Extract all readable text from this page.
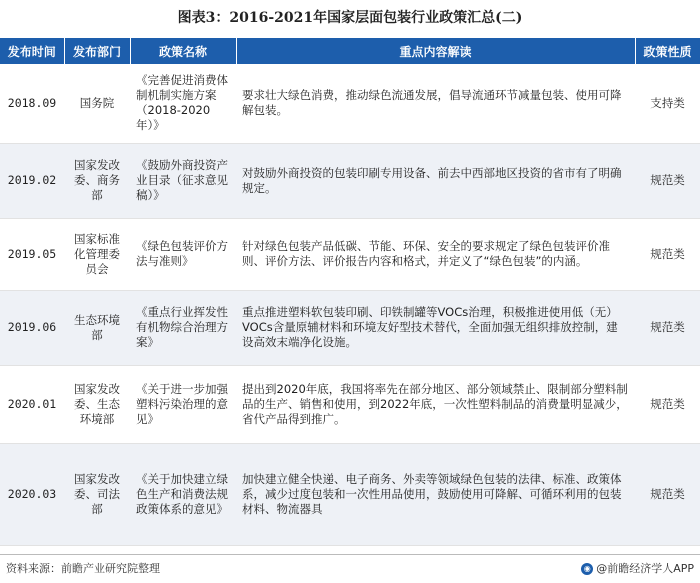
图表3：2016-2021年国家层面包装行业政策汇总(二)
发布时间	发布部门	政策名称	重点内容解读	政策性质
2018.09	国务院	《完善促进消费体制机制实施方案（2018-2020年）》	要求壮大绿色消费，推动绿色流通发展，倡导流通环节减量包装、使用可降解包装。	支持类
2019.02	国家发改委、商务部	《鼓励外商投资产业目录（征求意见稿）》	对鼓励外商投资的包装印刷专用设备、前去中西部地区投资的省市有了明确规定。	规范类
2019.05	国家标准化管理委员会	《绿色包装评价方法与准则》	针对绿色包装产品低碳、节能、环保、安全的要求规定了绿色包装评价准则、评价方法、评价报告内容和格式，并定义了“绿色包装”的内涵。	规范类
2019.06	生态环境部	《重点行业挥发性有机物综合治理方案》	重点推进塑料软包装印刷、印铁制罐等VOCs治理，积极推进使用低（无）VOCs含量原辅材料和环境友好型技术替代，全面加强无组织排放控制，建设高效末端净化设施。	规范类
2020.01	国家发改委、生态环境部	《关于进一步加强塑料污染治理的意见》	提出到2020年底，我国将率先在部分地区、部分领域禁止、限制部分塑料制品的生产、销售和使用，到2022年底，一次性塑料制品的消费量明显减少，省代产品得到推广。	规范类
2020.03	国家发改委、司法部	《关于加快建立绿色生产和消费法规政策体系的意见》	加快建立健全快递、电子商务、外卖等领域绿色包装的法律、标准、政策体系，减少过度包装和一次性用品使用，鼓励使用可降解、可循环利用的包装材料、物流器具	规范类
资料来源：前瞻产业研究院整理	◉ @前瞻经济学人APP
